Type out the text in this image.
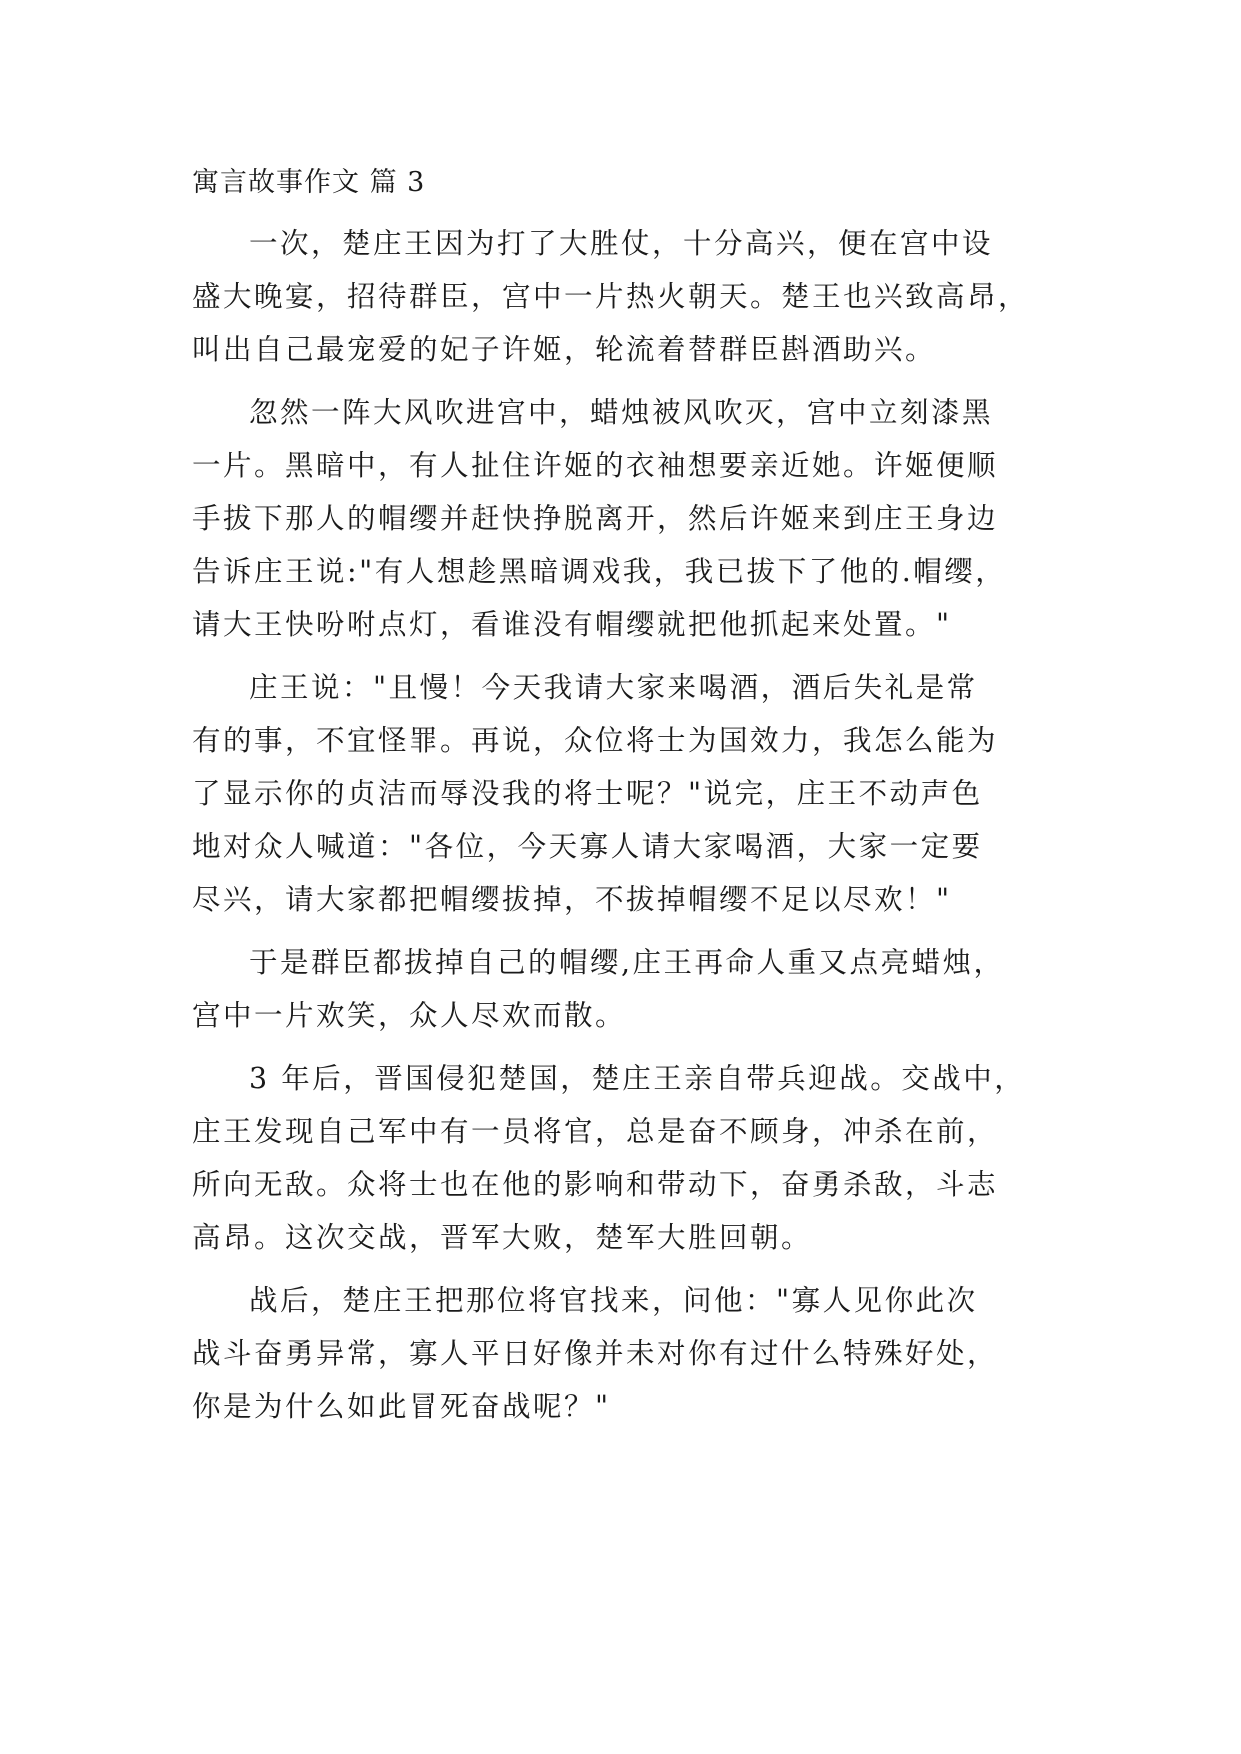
寓言故事作文 篇 3
一次，楚庄王因为打了大胜仗，十分高兴，便在宫中设
盛大晚宴，招待群臣，宫中一片热火朝天。楚王也兴致高昂，
叫出自己最宠爱的妃子许姬，轮流着替群臣斟酒助兴。
忽然一阵大风吹进宫中，蜡烛被风吹灭，宫中立刻漆黑
一片。黑暗中，有人扯住许姬的衣袖想要亲近她。许姬便顺
手拔下那人的帽缨并赶快挣脱离开，然后许姬来到庄王身边
告诉庄王说:"有人想趁黑暗调戏我，我已拔下了他的.帽缨，
请大王快吩咐点灯，看谁没有帽缨就把他抓起来处置。"
庄王说："且慢！今天我请大家来喝酒，酒后失礼是常
有的事，不宜怪罪。再说，众位将士为国效力，我怎么能为
了显示你的贞洁而辱没我的将士呢？"说完，庄王不动声色
地对众人喊道："各位，今天寡人请大家喝酒，大家一定要
尽兴，请大家都把帽缨拔掉，不拔掉帽缨不足以尽欢！"
于是群臣都拔掉自己的帽缨,庄王再命人重又点亮蜡烛，
宫中一片欢笑，众人尽欢而散。
3 年后，晋国侵犯楚国，楚庄王亲自带兵迎战。交战中，
庄王发现自己军中有一员将官，总是奋不顾身，冲杀在前，
所向无敌。众将士也在他的影响和带动下，奋勇杀敌，斗志
高昂。这次交战，晋军大败，楚军大胜回朝。
战后，楚庄王把那位将官找来，问他："寡人见你此次
战斗奋勇异常，寡人平日好像并未对你有过什么特殊好处，
你是为什么如此冒死奋战呢？"
